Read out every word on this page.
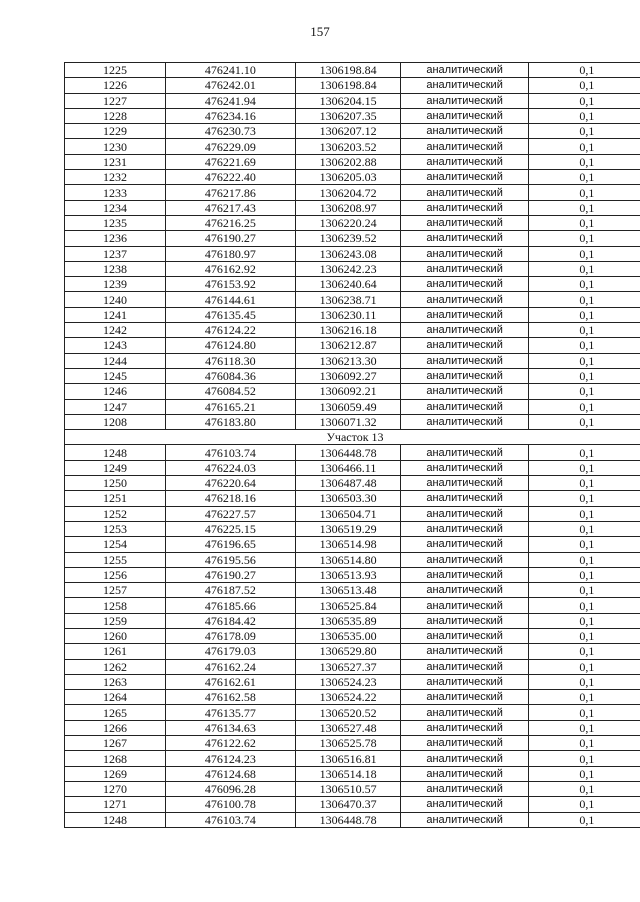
157
1225	476241.10	1306198.84	аналитический	0,1
1226	476242.01	1306198.84	аналитический	0,1
1227	476241.94	1306204.15	аналитический	0,1
1228	476234.16	1306207.35	аналитический	0,1
1229	476230.73	1306207.12	аналитический	0,1
1230	476229.09	1306203.52	аналитический	0,1
1231	476221.69	1306202.88	аналитический	0,1
1232	476222.40	1306205.03	аналитический	0,1
1233	476217.86	1306204.72	аналитический	0,1
1234	476217.43	1306208.97	аналитический	0,1
1235	476216.25	1306220.24	аналитический	0,1
1236	476190.27	1306239.52	аналитический	0,1
1237	476180.97	1306243.08	аналитический	0,1
1238	476162.92	1306242.23	аналитический	0,1
1239	476153.92	1306240.64	аналитический	0,1
1240	476144.61	1306238.71	аналитический	0,1
1241	476135.45	1306230.11	аналитический	0,1
1242	476124.22	1306216.18	аналитический	0,1
1243	476124.80	1306212.87	аналитический	0,1
1244	476118.30	1306213.30	аналитический	0,1
1245	476084.36	1306092.27	аналитический	0,1
1246	476084.52	1306092.21	аналитический	0,1
1247	476165.21	1306059.49	аналитический	0,1
1208	476183.80	1306071.32	аналитический	0,1
Участок 13				
1248	476103.74	1306448.78	аналитический	0,1
1249	476224.03	1306466.11	аналитический	0,1
1250	476220.64	1306487.48	аналитический	0,1
1251	476218.16	1306503.30	аналитический	0,1
1252	476227.57	1306504.71	аналитический	0,1
1253	476225.15	1306519.29	аналитический	0,1
1254	476196.65	1306514.98	аналитический	0,1
1255	476195.56	1306514.80	аналитический	0,1
1256	476190.27	1306513.93	аналитический	0,1
1257	476187.52	1306513.48	аналитический	0,1
1258	476185.66	1306525.84	аналитический	0,1
1259	476184.42	1306535.89	аналитический	0,1
1260	476178.09	1306535.00	аналитический	0,1
1261	476179.03	1306529.80	аналитический	0,1
1262	476162.24	1306527.37	аналитический	0,1
1263	476162.61	1306524.23	аналитический	0,1
1264	476162.58	1306524.22	аналитический	0,1
1265	476135.77	1306520.52	аналитический	0,1
1266	476134.63	1306527.48	аналитический	0,1
1267	476122.62	1306525.78	аналитический	0,1
1268	476124.23	1306516.81	аналитический	0,1
1269	476124.68	1306514.18	аналитический	0,1
1270	476096.28	1306510.57	аналитический	0,1
1271	476100.78	1306470.37	аналитический	0,1
1248	476103.74	1306448.78	аналитический	0,1
